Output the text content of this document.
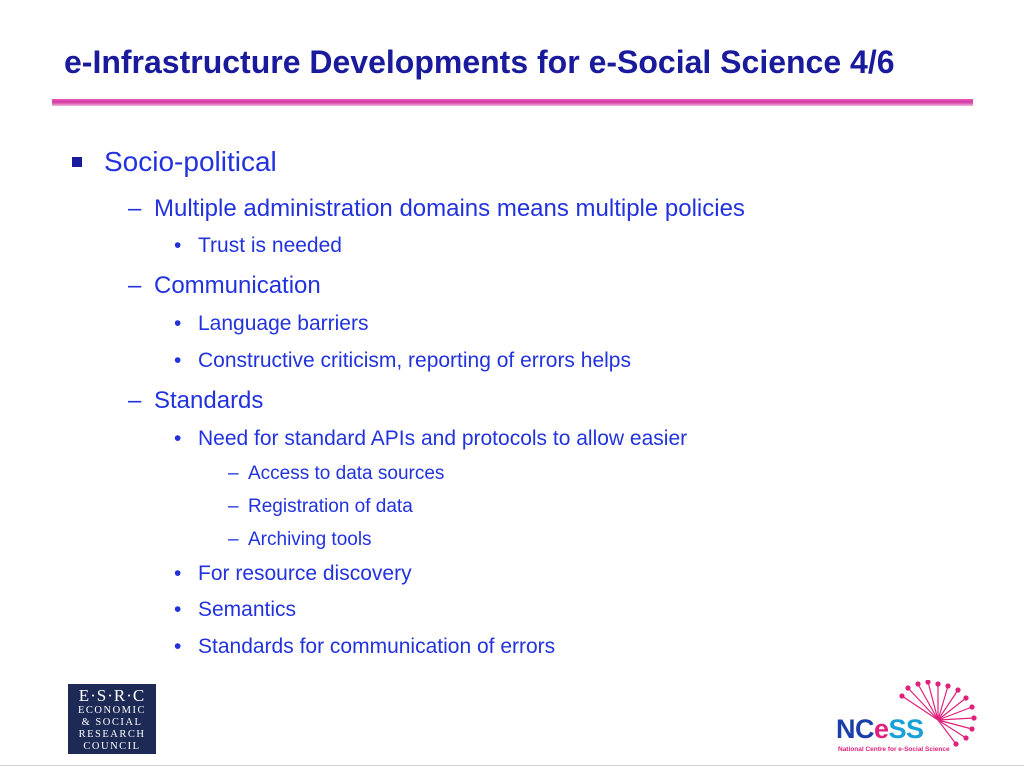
e-Infrastructure Developments for e-Social Science 4/6
Socio-political
– Multiple administration domains means multiple policies
• Trust is needed
– Communication
• Language barriers
• Constructive criticism, reporting of errors helps
– Standards
• Need for standard APIs and protocols to allow easier
– Access to data sources
– Registration of data
– Archiving tools
• For resource discovery
• Semantics
• Standards for communication of errors
E·S·R·C
ECONOMIC
& SOCIAL
RESEARCH
COUNCIL
NCeSS
National Centre for e-Social Science
